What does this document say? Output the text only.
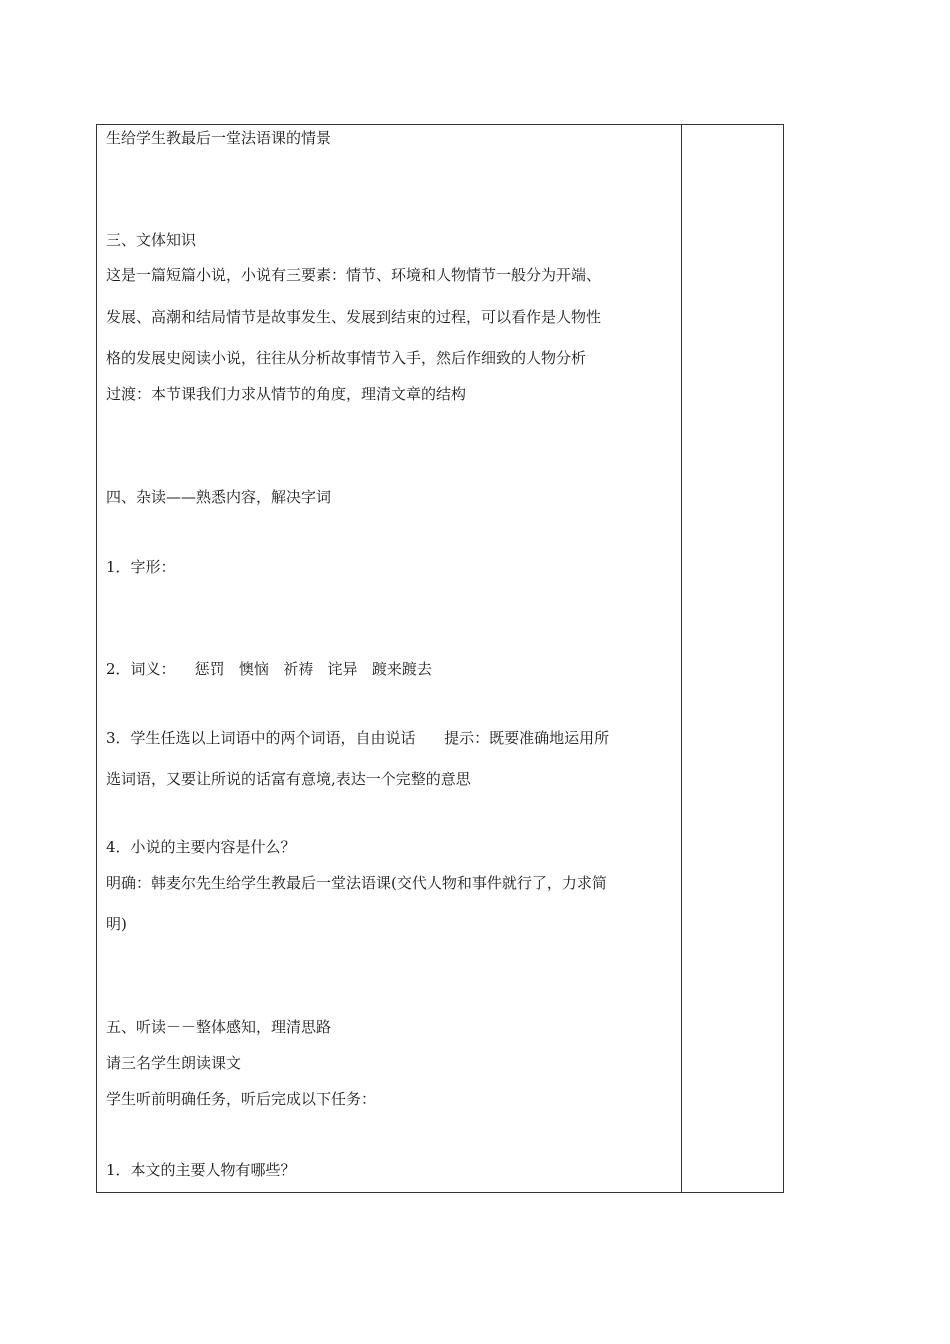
生给学生教最后一堂法语课的情景
三、文体知识
这是一篇短篇小说，小说有三要素：情节、环境和人物情节一般分为开端、
发展、高潮和结局情节是故事发生、发展到结束的过程，可以看作是人物性
格的发展史阅读小说，往往从分析故事情节入手，然后作细致的人物分析
过渡：本节课我们力求从情节的角度，理清文章的结构
四、杂读——熟悉内容，解决字词
1．字形：
2．词义：    惩罚   懊恼   祈祷   诧异   踱来踱去
3．学生任选以上词语中的两个词语，自由说话      提示：既要准确地运用所
选词语，又要让所说的话富有意境,表达一个完整的意思
4．小说的主要内容是什么？
明确：韩麦尔先生给学生教最后一堂法语课(交代人物和事件就行了，力求简
明)
五、听读－－整体感知，理清思路
请三名学生朗读课文
学生听前明确任务，听后完成以下任务：
1．本文的主要人物有哪些？
